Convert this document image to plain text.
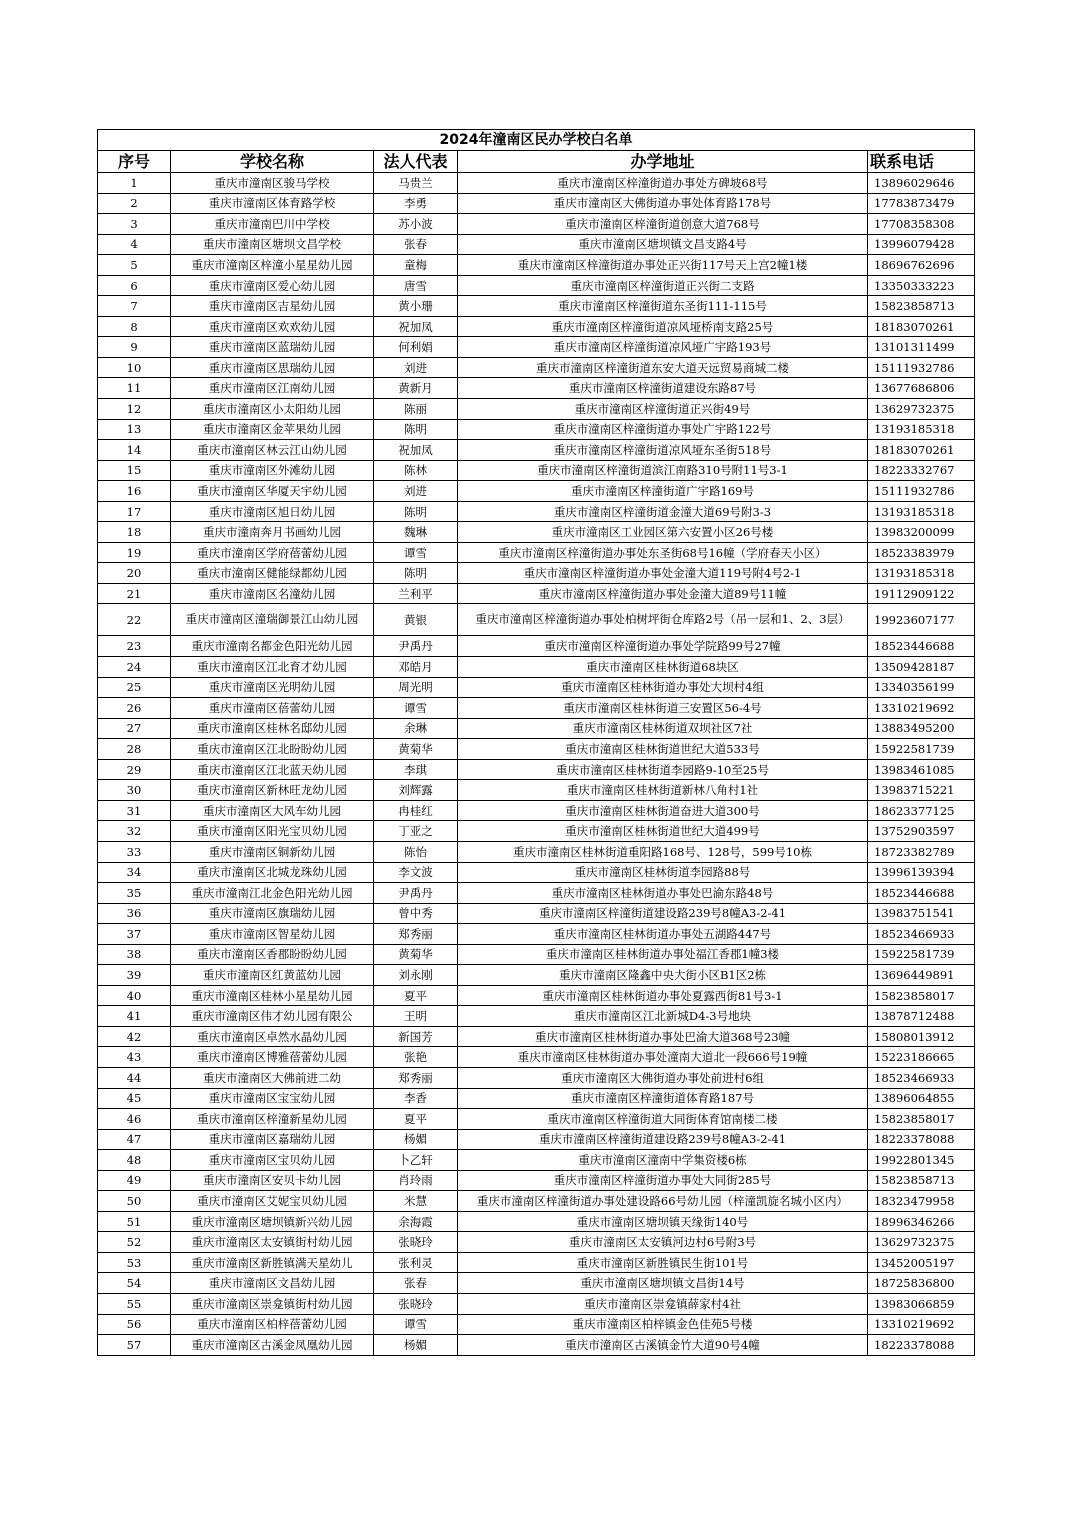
2024年潼南区民办学校白名单				
序号	学校名称	法人代表	办学地址	联系电话
1	重庆市潼南区骏马学校	马贵兰	重庆市潼南区梓潼街道办事处方碑坡68号	13896029646
2	重庆市潼南区体育路学校	李勇	重庆市潼南区大佛街道办事处体育路178号	17783873479
3	重庆市潼南巴川中学校	苏小波	重庆市潼南区梓潼街道创意大道768号	17708358308
4	重庆市潼南区塘坝文昌学校	张春	重庆市潼南区塘坝镇文昌支路4号	13996079428
5	重庆市潼南区梓潼小星星幼儿园	童梅	重庆市潼南区梓潼街道办事处正兴街117号天上宫2幢1楼	18696762696
6	重庆市潼南区爱心幼儿园	唐雪	重庆市潼南区梓潼街道正兴街二支路	13350333223
7	重庆市潼南区吉星幼儿园	黄小珊	重庆市潼南区梓潼街道东圣街111-115号	15823858713
8	重庆市潼南区欢欢幼儿园	祝加凤	重庆市潼南区梓潼街道凉风垭桥南支路25号	18183070261
9	重庆市潼南区蓝瑞幼儿园	何利娟	重庆市潼南区梓潼街道凉风垭广宇路193号	13101311499
10	重庆市潼南区思瑞幼儿园	刘进	重庆市潼南区梓潼街道东安大道天远贸易商城二楼	15111932786
11	重庆市潼南区江南幼儿园	黄新月	重庆市潼南区梓潼街道建设东路87号	13677686806
12	重庆市潼南区小太阳幼儿园	陈丽	重庆市潼南区梓潼街道正兴街49号	13629732375
13	重庆市潼南区金苹果幼儿园	陈明	重庆市潼南区梓潼街道办事处广宇路122号	13193185318
14	重庆市潼南区林云江山幼儿园	祝加凤	重庆市潼南区梓潼街道凉风垭东圣街518号	18183070261
15	重庆市潼南区外滩幼儿园	陈林	重庆市潼南区梓潼街道滨江南路310号附11号3-1	18223332767
16	重庆市潼南区华厦天宇幼儿园	刘进	重庆市潼南区梓潼街道广宇路169号	15111932786
17	重庆市潼南区旭日幼儿园	陈明	重庆市潼南区梓潼街道金潼大道69号附3-3	13193185318
18	重庆市潼南奔月书画幼儿园	魏琳	重庆市潼南区工业园区第六安置小区26号楼	13983200099
19	重庆市潼南区学府蓓蕾幼儿园	谭雪	重庆市潼南区梓潼街道办事处东圣街68号16幢（学府春天小区）	18523383979
20	重庆市潼南区健能绿都幼儿园	陈明	重庆市潼南区梓潼街道办事处金潼大道119号附4号2-1	13193185318
21	重庆市潼南区名潼幼儿园	兰利平	重庆市潼南区梓潼街道办事处金潼大道89号11幢	19112909122
22	重庆市潼南区潼瑞御景江山幼儿园	黄银	重庆市潼南区梓潼街道办事处柏树坪街仓库路2号（吊一层和1、2、3层）	19923607177
23	重庆市潼南名都金色阳光幼儿园	尹禹丹	重庆市潼南区梓潼街道办事处学院路99号27幢	18523446688
24	重庆市潼南区江北育才幼儿园	邓皓月	重庆市潼南区桂林街道68块区	13509428187
25	重庆市潼南区光明幼儿园	周光明	重庆市潼南区桂林街道办事处大坝村4组	13340356199
26	重庆市潼南区蓓蕾幼儿园	谭雪	重庆市潼南区桂林街道三安置区56-4号	13310219692
27	重庆市潼南区桂林名邸幼儿园	余琳	重庆市潼南区桂林街道双坝社区7社	13883495200
28	重庆市潼南区江北盼盼幼儿园	黄菊华	重庆市潼南区桂林街道世纪大道533号	15922581739
29	重庆市潼南区江北蓝天幼儿园	李琪	重庆市潼南区桂林街道李园路9-10至25号	13983461085
30	重庆市潼南区新林旺龙幼儿园	刘辉露	重庆市潼南区桂林街道新林八角村1社	13983715221
31	重庆市潼南区大风车幼儿园	冉桂红	重庆市潼南区桂林街道奋进大道300号	18623377125
32	重庆市潼南区阳光宝贝幼儿园	丁亚之	重庆市潼南区桂林街道世纪大道499号	13752903597
33	重庆市潼南区铜新幼儿园	陈怡	重庆市潼南区桂林街道重阳路168号、128号，599号10栋	18723382789
34	重庆市潼南区北城龙珠幼儿园	李文波	重庆市潼南区桂林街道李园路88号	13996139394
35	重庆市潼南江北金色阳光幼儿园	尹禹丹	重庆市潼南区桂林街道办事处巴渝东路48号	18523446688
36	重庆市潼南区旗瑞幼儿园	曾中秀	重庆市潼南区梓潼街道建设路239号8幢A3-2-41	13983751541
37	重庆市潼南区智星幼儿园	郑秀丽	重庆市潼南区桂林街道办事处五湖路447号	18523466933
38	重庆市潼南区香郡盼盼幼儿园	黄菊华	重庆市潼南区桂林街道办事处福江香郡1幢3楼	15922581739
39	重庆市潼南区红黄蓝幼儿园	刘永刚	重庆市潼南区隆鑫中央大街小区B1区2栋	13696449891
40	重庆市潼南区桂林小星星幼儿园	夏平	重庆市潼南区桂林街道办事处夏露西街81号3-1	15823858017
41	重庆市潼南区伟才幼儿园有限公	王明	重庆市潼南区江北新城D4-3号地块	13878712488
42	重庆市潼南区卓然水晶幼儿园	新国芳	重庆市潼南区桂林街道办事处巴渝大道368号23幢	15808013912
43	重庆市潼南区博雅蓓蕾幼儿园	张艳	重庆市潼南区桂林街道办事处潼南大道北一段666号19幢	15223186665
44	重庆市潼南区大佛前进二幼	郑秀丽	重庆市潼南区大佛街道办事处前进村6组	18523466933
45	重庆市潼南区宝宝幼儿园	李香	重庆市潼南区梓潼街道体育路187号	13896064855
46	重庆市潼南区梓潼新星幼儿园	夏平	重庆市潼南区梓潼街道大同街体育馆南楼二楼	15823858017
47	重庆市潼南区嘉瑞幼儿园	杨媚	重庆市潼南区梓潼街道建设路239号8幢A3-2-41	18223378088
48	重庆市潼南区宝贝幼儿园	卜乙轩	重庆市潼南区潼南中学集资楼6栋	19922801345
49	重庆市潼南区安贝卡幼儿园	肖玲雨	重庆市潼南区梓潼街道办事处大同街285号	15823858713
50	重庆市潼南区艾妮宝贝幼儿园	米慧	重庆市潼南区梓潼街道办事处建设路66号幼儿园（梓潼凯旋名城小区内）	18323479958
51	重庆市潼南区塘坝镇新兴幼儿园	余海霞	重庆市潼南区塘坝镇天缘街140号	18996346266
52	重庆市潼南区太安镇街村幼儿园	张晓玲	重庆市潼南区太安镇河边村6号附3号	13629732375
53	重庆市潼南区新胜镇满天星幼儿	张利灵	重庆市潼南区新胜镇民生街101号	13452005197
54	重庆市潼南区文昌幼儿园	张春	重庆市潼南区塘坝镇文昌街14号	18725836800
55	重庆市潼南区崇龛镇街村幼儿园	张晓玲	重庆市潼南区崇龛镇薛家村4社	13983066859
56	重庆市潼南区柏梓蓓蕾幼儿园	谭雪	重庆市潼南区柏梓镇金色佳苑5号楼	13310219692
57	重庆市潼南区古溪金凤凰幼儿园	杨媚	重庆市潼南区古溪镇金竹大道90号4幢	18223378088
